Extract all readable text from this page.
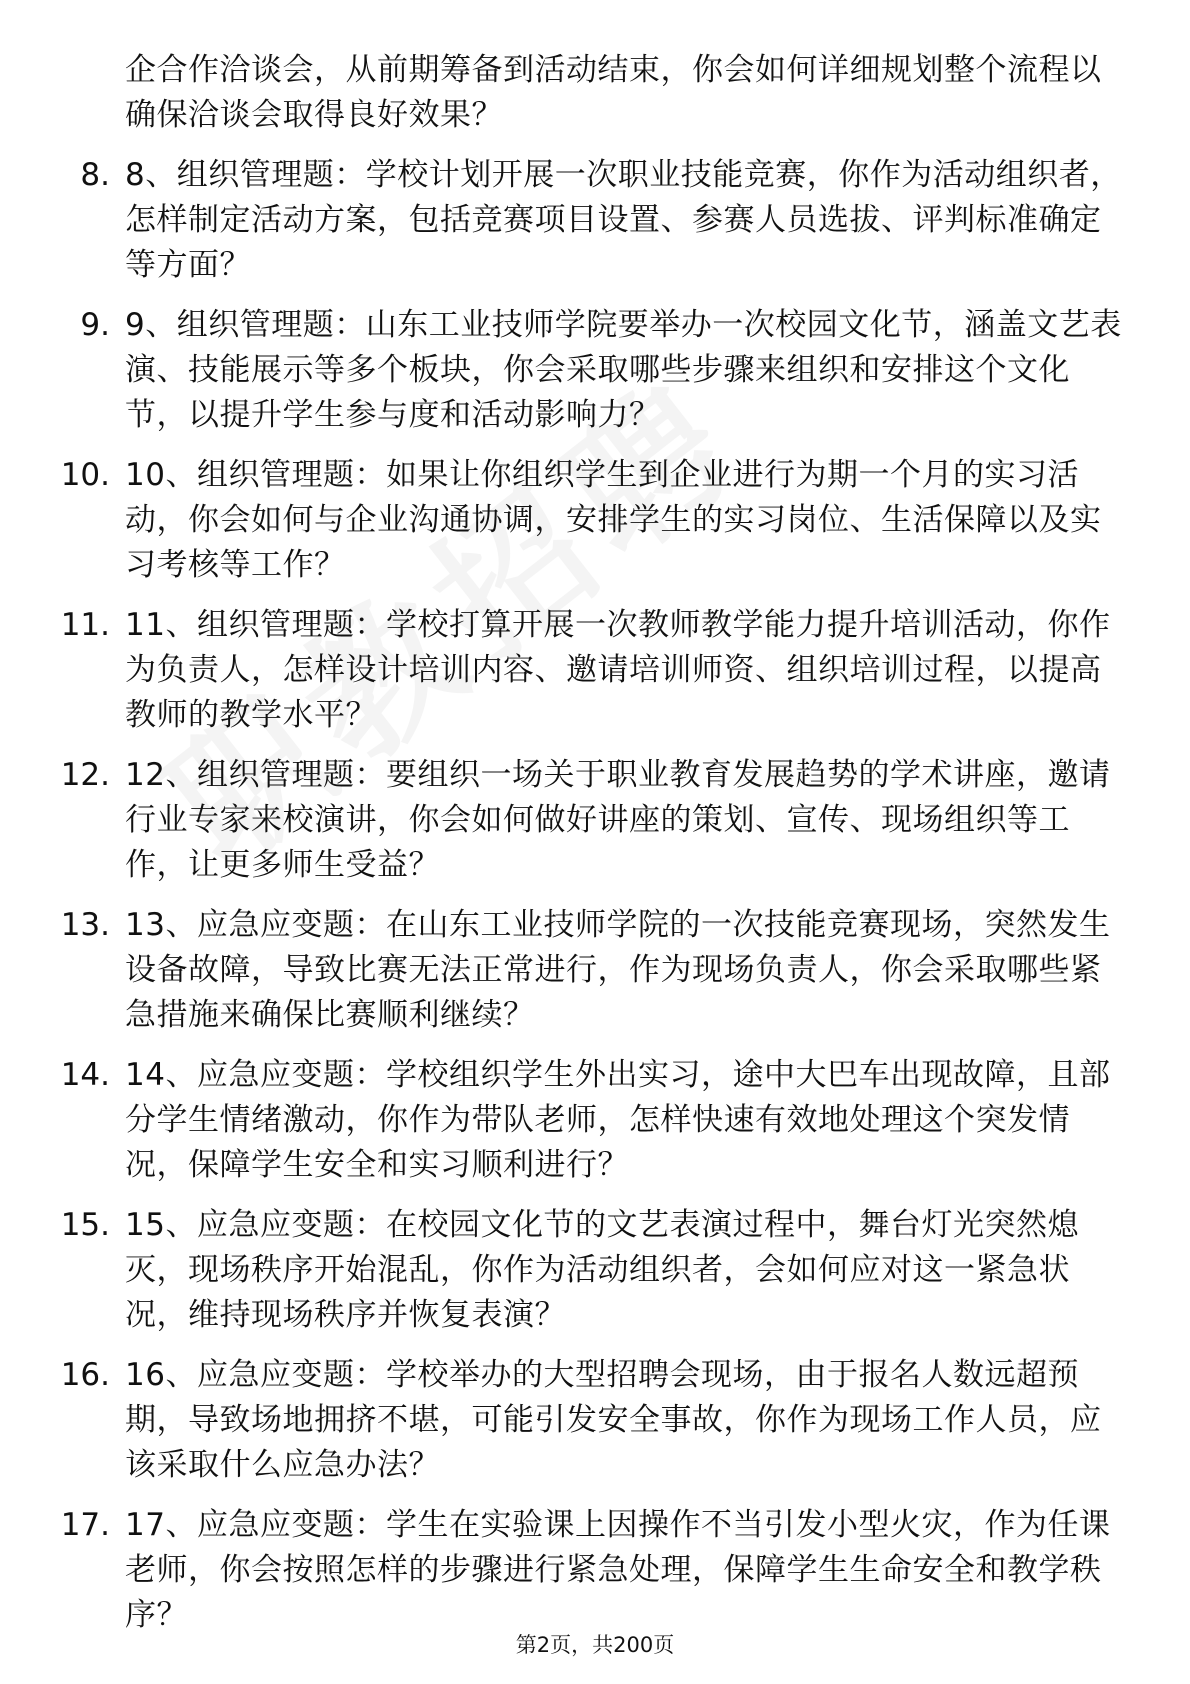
企合作洽谈会，从前期筹备到活动结束，你会如何详细规划整个流程以确保洽谈会取得良好效果？
8. 8、组织管理题：学校计划开展一次职业技能竞赛，你作为活动组织者，怎样制定活动方案，包括竞赛项目设置、参赛人员选拔、评判标准确定等方面？
9. 9、组织管理题：山东工业技师学院要举办一次校园文化节，涵盖文艺表演、技能展示等多个板块，你会采取哪些步骤来组织和安排这个文化节，以提升学生参与度和活动影响力？
10. 10、组织管理题：如果让你组织学生到企业进行为期一个月的实习活动，你会如何与企业沟通协调，安排学生的实习岗位、生活保障以及实习考核等工作？
11. 11、组织管理题：学校打算开展一次教师教学能力提升培训活动，你作为负责人，怎样设计培训内容、邀请培训师资、组织培训过程，以提高教师的教学水平？
12. 12、组织管理题：要组织一场关于职业教育发展趋势的学术讲座，邀请行业专家来校演讲，你会如何做好讲座的策划、宣传、现场组织等工作，让更多师生受益？
13. 13、应急应变题：在山东工业技师学院的一次技能竞赛现场，突然发生设备故障，导致比赛无法正常进行，作为现场负责人，你会采取哪些紧急措施来确保比赛顺利继续？
14. 14、应急应变题：学校组织学生外出实习，途中大巴车出现故障，且部分学生情绪激动，你作为带队老师，怎样快速有效地处理这个突发情况，保障学生安全和实习顺利进行？
15. 15、应急应变题：在校园文化节的文艺表演过程中，舞台灯光突然熄灭，现场秩序开始混乱，你作为活动组织者，会如何应对这一紧急状况，维持现场秩序并恢复表演？
16. 16、应急应变题：学校举办的大型招聘会现场，由于报名人数远超预期，导致场地拥挤不堪，可能引发安全事故，你作为现场工作人员，应该采取什么应急办法？
17. 17、应急应变题：学生在实验课上因操作不当引发小型火灾，作为任课老师，你会按照怎样的步骤进行紧急处理，保障学生生命安全和教学秩序？
第2页，共200页
